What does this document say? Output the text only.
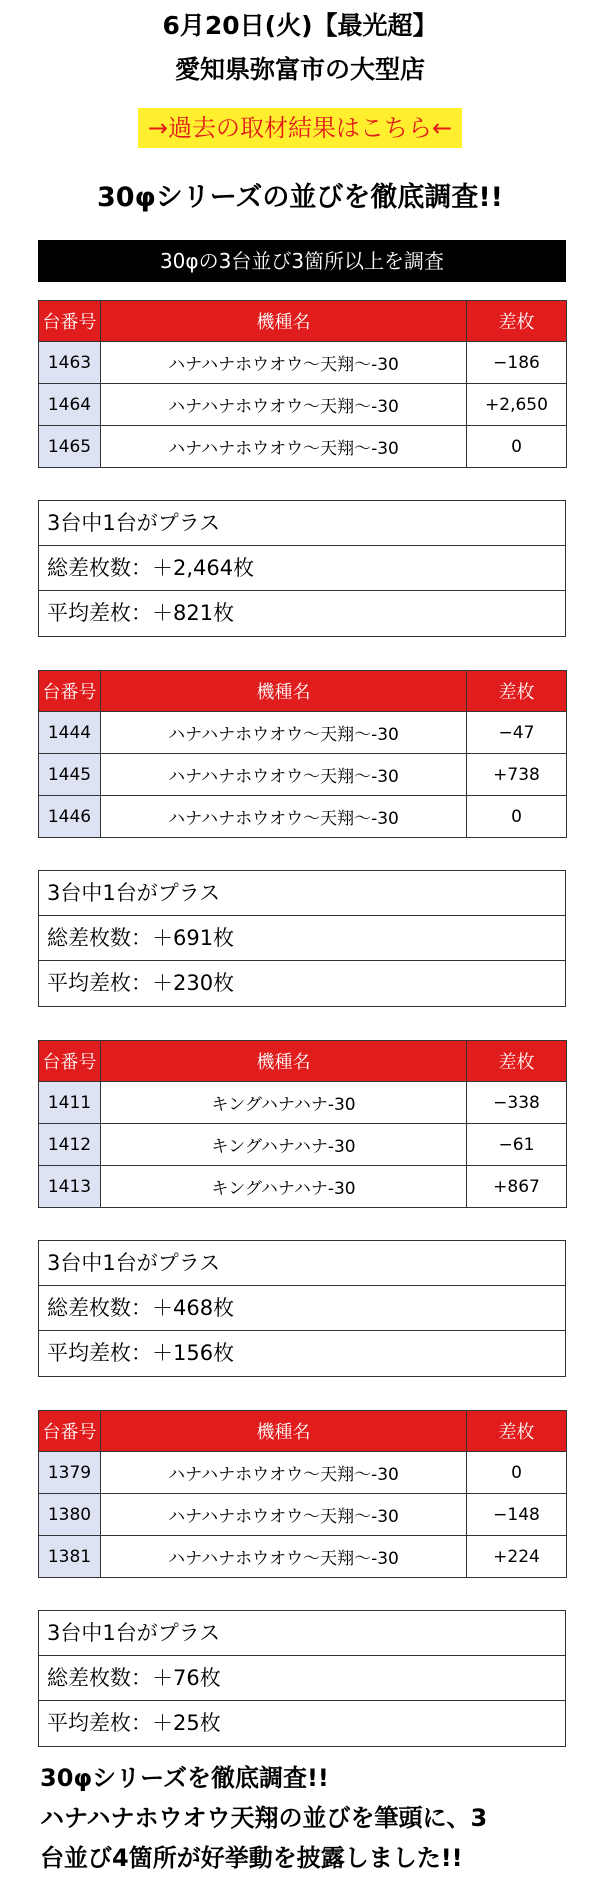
6月20日(火)【最光超】
愛知県弥富市の大型店
→過去の取材結果はこちら←
30φシリーズの並びを徹底調査!!
30φの3台並び3箇所以上を調査
台番号	機種名	差枚
1463	ハナハナホウオウ〜天翔〜-30	−186
1464	ハナハナホウオウ〜天翔〜-30	+2,650
1465	ハナハナホウオウ〜天翔〜-30	0
3台中1台がプラス
総差枚数：＋2,464枚
平均差枚：＋821枚
台番号	機種名	差枚
1444	ハナハナホウオウ〜天翔〜-30	−47
1445	ハナハナホウオウ〜天翔〜-30	+738
1446	ハナハナホウオウ〜天翔〜-30	0
3台中1台がプラス
総差枚数：＋691枚
平均差枚：＋230枚
台番号	機種名	差枚
1411	キングハナハナ-30	−338
1412	キングハナハナ-30	−61
1413	キングハナハナ-30	+867
3台中1台がプラス
総差枚数：＋468枚
平均差枚：＋156枚
台番号	機種名	差枚
1379	ハナハナホウオウ〜天翔〜-30	0
1380	ハナハナホウオウ〜天翔〜-30	−148
1381	ハナハナホウオウ〜天翔〜-30	+224
3台中1台がプラス
総差枚数：＋76枚
平均差枚：＋25枚
30φシリーズを徹底調査!!
ハナハナホウオウ天翔の並びを筆頭に、3
台並び4箇所が好挙動を披露しました!!
